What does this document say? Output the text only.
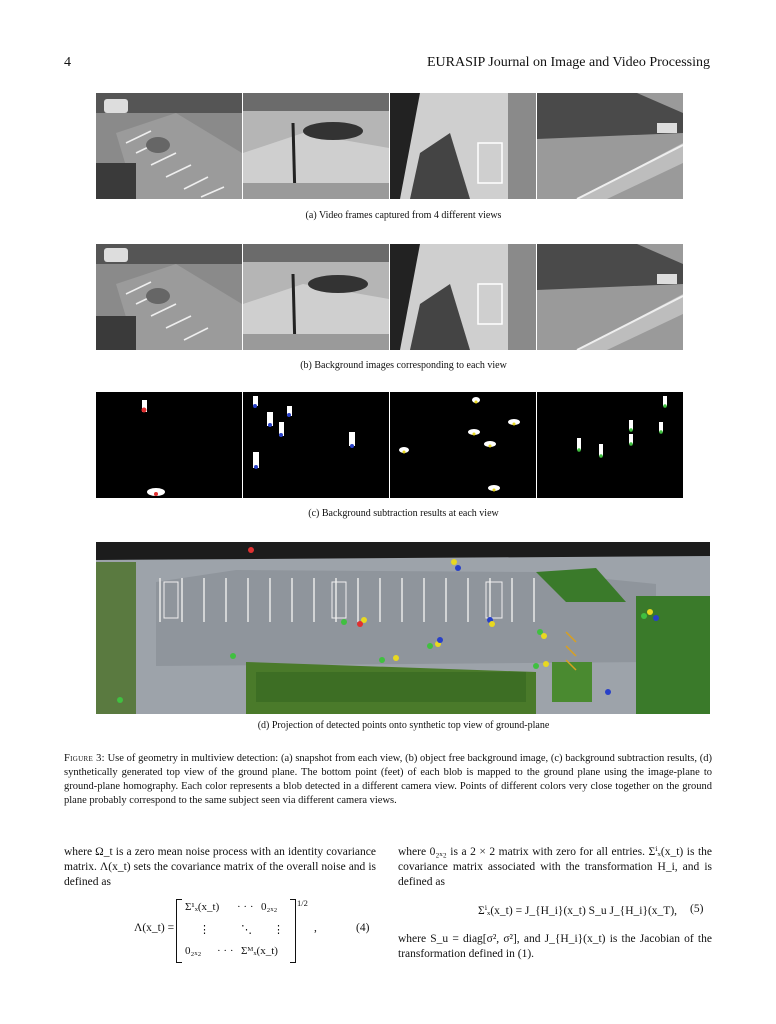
4	EURASIP Journal on Image and Video Processing
(a) Video frames captured from 4 different views
(b) Background images corresponding to each view
(c) Background subtraction results at each view
(d) Projection of detected points onto synthetic top view of ground-plane
Figure 3: Use of geometry in multiview detection: (a) snapshot from each view, (b) object free background image, (c) background subtraction results, (d) synthetically generated top view of the ground plane. The bottom point (feet) of each blob is mapped to the ground plane using the image-plane to ground-plane homography. Each color represents a blob detected in a different camera view. Points of different colors very close together on the ground plane probably correspond to the same subject seen via different camera views.
where Ω_t is a zero mean noise process with an identity covariance matrix. Λ(x_t) sets the covariance matrix of the overall noise and is defined as
Λ(x_t) =
Σ¹ₓ(x_t) · · · 0₂ₓ₂
⋮	⋱ ⋮
0₂ₓ₂ · · · Σᴹₓ(x_t)
1/2
,	(4)
where 0₂ₓ₂ is a 2 × 2 matrix with zero for all entries. Σⁱₓ(x_t) is the covariance matrix associated with the transformation H_i, and is defined as
Σⁱₓ(x_t) = J_{H_i}(x_t) S_u J_{H_i}(x_T), (5)
where S_u = diag[σ², σ²], and J_{H_i}(x_t) is the Jacobian of the transformation defined in (1).
